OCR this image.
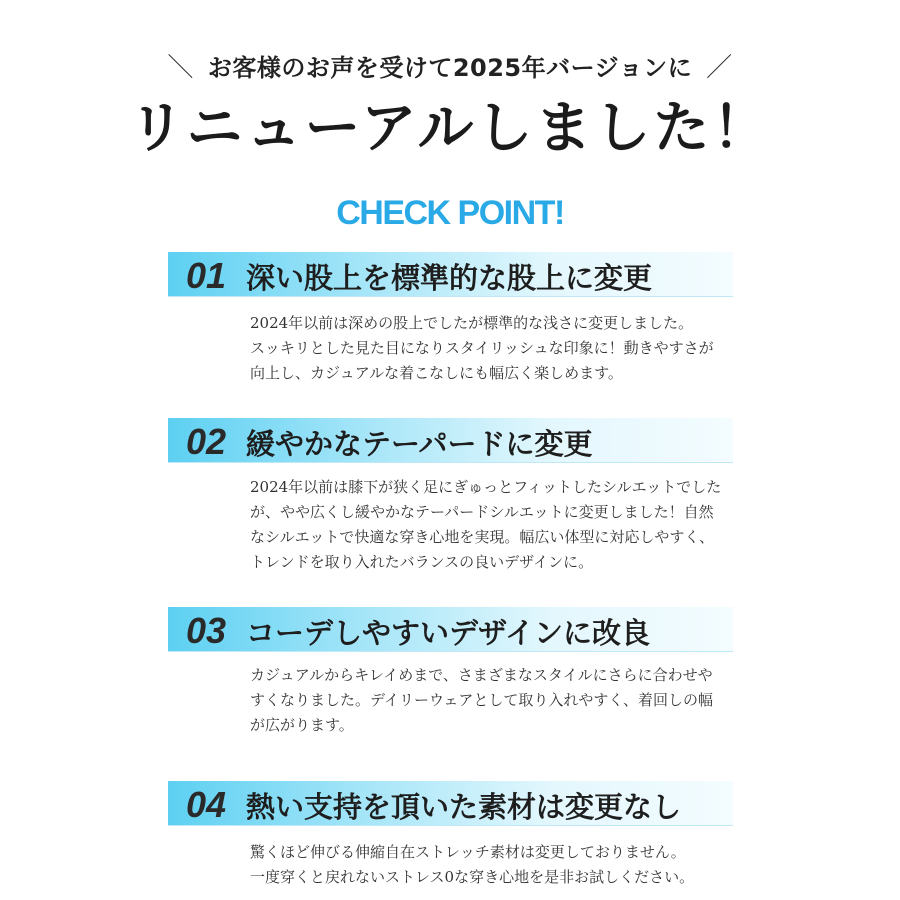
＼ お客様のお声を受けて2025年バージョンに ／
リニューアルしました！
CHECK POINT!
01 深い股上を標準的な股上に変更
2024年以前は深めの股上でしたが標準的な浅さに変更しました。
スッキリとした見た目になりスタイリッシュな印象に！動きやすさが
向上し、カジュアルな着こなしにも幅広く楽しめます。
02 緩やかなテーパードに変更
2024年以前は膝下が狭く足にぎゅっとフィットしたシルエットでした
が、やや広くし緩やかなテーパードシルエットに変更しました！自然
なシルエットで快適な穿き心地を実現。幅広い体型に対応しやすく、
トレンドを取り入れたバランスの良いデザインに。
03 コーデしやすいデザインに改良
カジュアルからキレイめまで、さまざまなスタイルにさらに合わせや
すくなりました。デイリーウェアとして取り入れやすく、着回しの幅
が広がります。
04 熱い支持を頂いた素材は変更なし
驚くほど伸びる伸縮自在ストレッチ素材は変更しておりません。
一度穿くと戻れないストレス0な穿き心地を是非お試しください。
